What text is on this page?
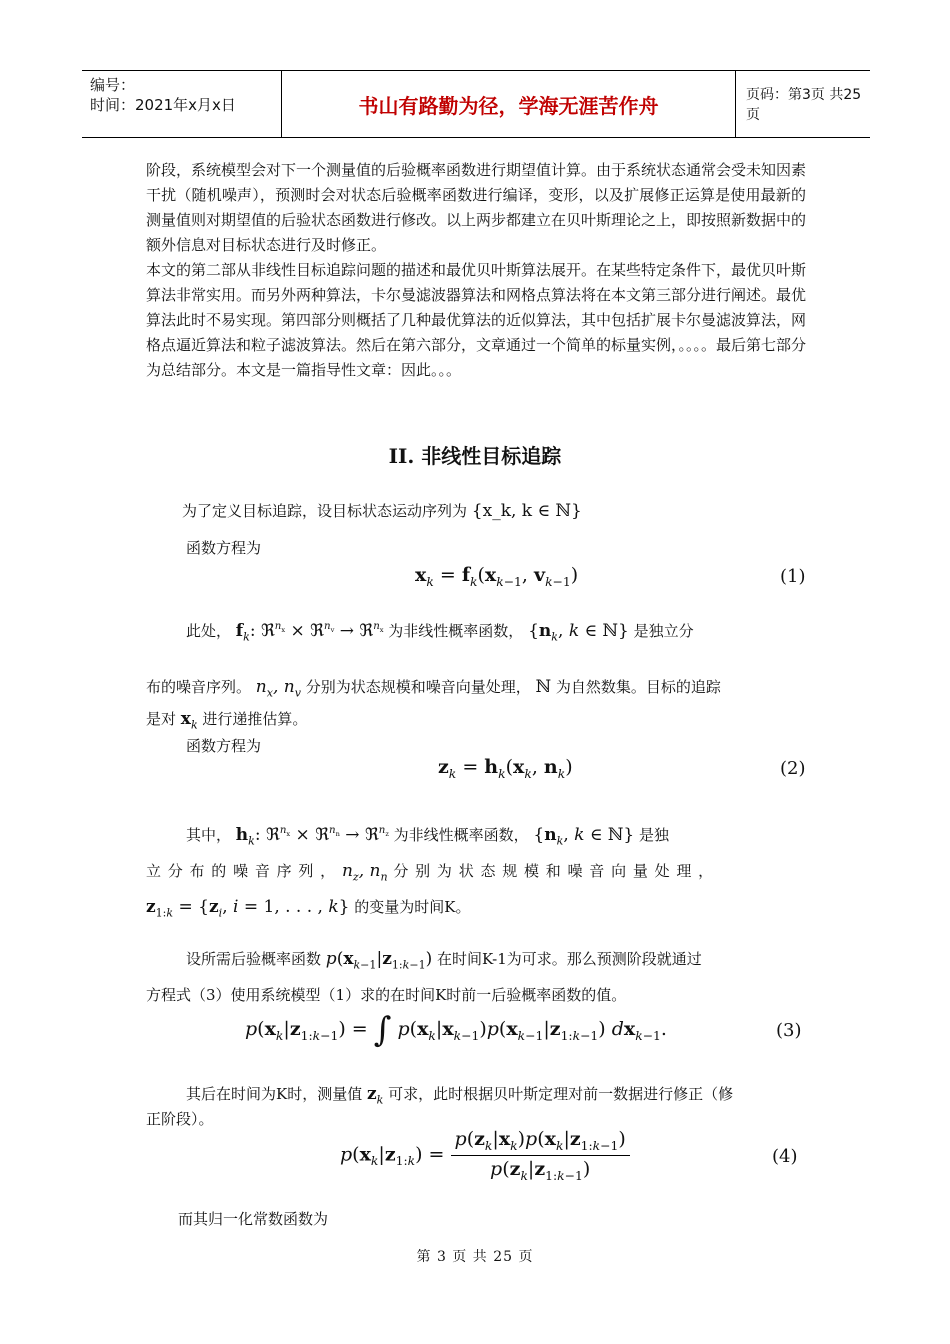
编号：
时间：2021年x月x日	书山有路勤为径，学海无涯苦作舟	页码：第3页 共25页
阶段，系统模型会对下一个测量值的后验概率函数进行期望值计算。由于系统状态通常会受未知因素干扰（随机噪声），预测时会对状态后验概率函数进行编译，变形，以及扩展修正运算是使用最新的测量值则对期望值的后验状态函数进行修改。以上两步都建立在贝叶斯理论之上，即按照新数据中的额外信息对目标状态进行及时修正。
本文的第二部从非线性目标追踪问题的描述和最优贝叶斯算法展开。在某些特定条件下，最优贝叶斯算法非常实用。而另外两种算法，卡尔曼滤波器算法和网格点算法将在本文第三部分进行阐述。最优算法此时不易实现。第四部分则概括了几种最优算法的近似算法，其中包括扩展卡尔曼滤波算法，网格点逼近算法和粒子滤波算法。然后在第六部分，文章通过一个简单的标量实例，。。。。最后第七部分为总结部分。本文是一篇指导性文章：因此。。。
II. 非线性目标追踪
为了定义目标追踪，设目标状态运动序列为 {x_k, k ∈ ℕ}
函数方程为
$x_k = f_k(x_{k-1}$, $v_{k-1}$)	(1)
此处， $f_k$: ℜ$^{n_x}$ × ℜ$^{n_v}$ → ℜ$^{n_x}$ 为非线性概率函数， {$n_k$, k ∈ ℕ} 是独立分
布的噪音序列。 $n_x$, $n_v$ 分别为状态规模和噪音向量处理， ℕ 为自然数集。目标的追踪
是对 $x_k$ 进行递推估算。
函数方程为
$z_k = h_k(x_k$, $n_k$)	(2)
其中， $h_k$: ℜ$^{n_x}$ × ℜ$^{n_n}$ → ℜ$^{n_z}$ 为非线性概率函数， {$n_k$, k ∈ ℕ} 是独
立 分 布 的 噪 音 序 列 ， $n_z$, $n_n$ 分 别 为 状 态 规 模 和 噪 音 向 量 处 理 ，
$z_{1:k} = \{z_i$, i = 1, . . . , k} 的变量为时间K。
设所需后验概率函数 $p(x_{k-1}|z_{1:k-1})$ 在时间K-1为可求。那么预测阶段就通过
方程式（3）使用系统模型（1）求的在时间K时前一后验概率函数的值。
$p(x_k|z_{1:k-1})$ = ∫ $p(x_k|x_{k-1})p(x_{k-1}|z_{1:k-1})$ $dx_{k-1}$.	(3)
其后在时间为K时，测量值 $z_k$ 可求，此时根据贝叶斯定理对前一数据进行修正（修
正阶段）。
$p(x_k|z_{1:k}) = \frac{p(z_k|x_k)p(x_k|z_{1:k-1})}{p(z_k|z_{1:k-1})}$	(4)
而其归一化常数函数为
第 3 页 共 25 页
